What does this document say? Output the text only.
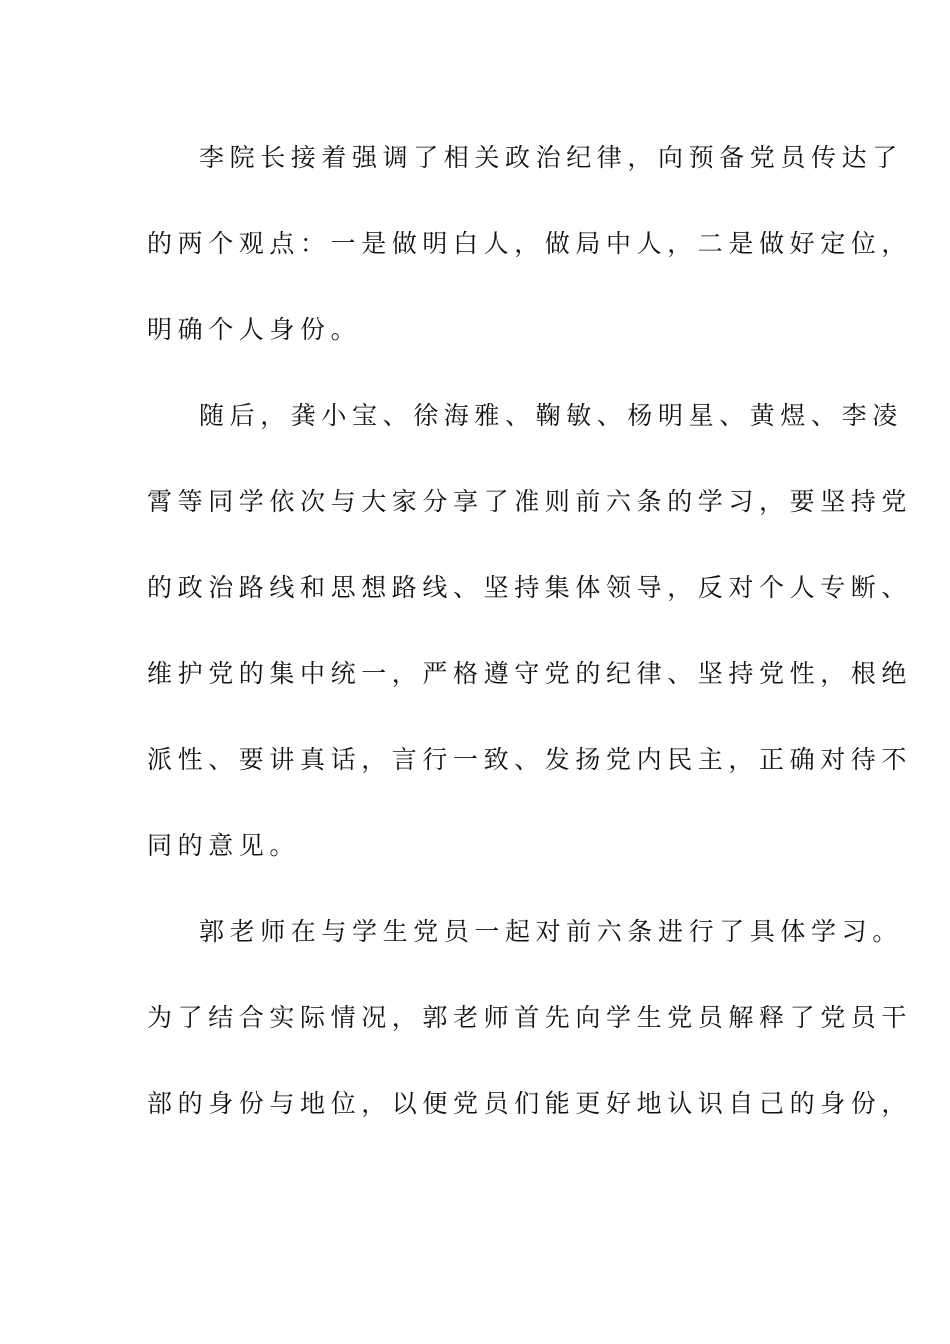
李院长接着强调了相关政治纪律，向预备党员传达了
的两个观点：一是做明白人，做局中人，二是做好定位，
明确个人身份。
随后，龚小宝、徐海雅、鞠敏、杨明星、黄煜、李凌
霄等同学依次与大家分享了准则前六条的学习，要坚持党
的政治路线和思想路线、坚持集体领导，反对个人专断、
维护党的集中统一，严格遵守党的纪律、坚持党性，根绝
派性、要讲真话，言行一致、发扬党内民主，正确对待不
同的意见。
郭老师在与学生党员一起对前六条进行了具体学习。
为了结合实际情况，郭老师首先向学生党员解释了党员干
部的身份与地位，以便党员们能更好地认识自己的身份，
